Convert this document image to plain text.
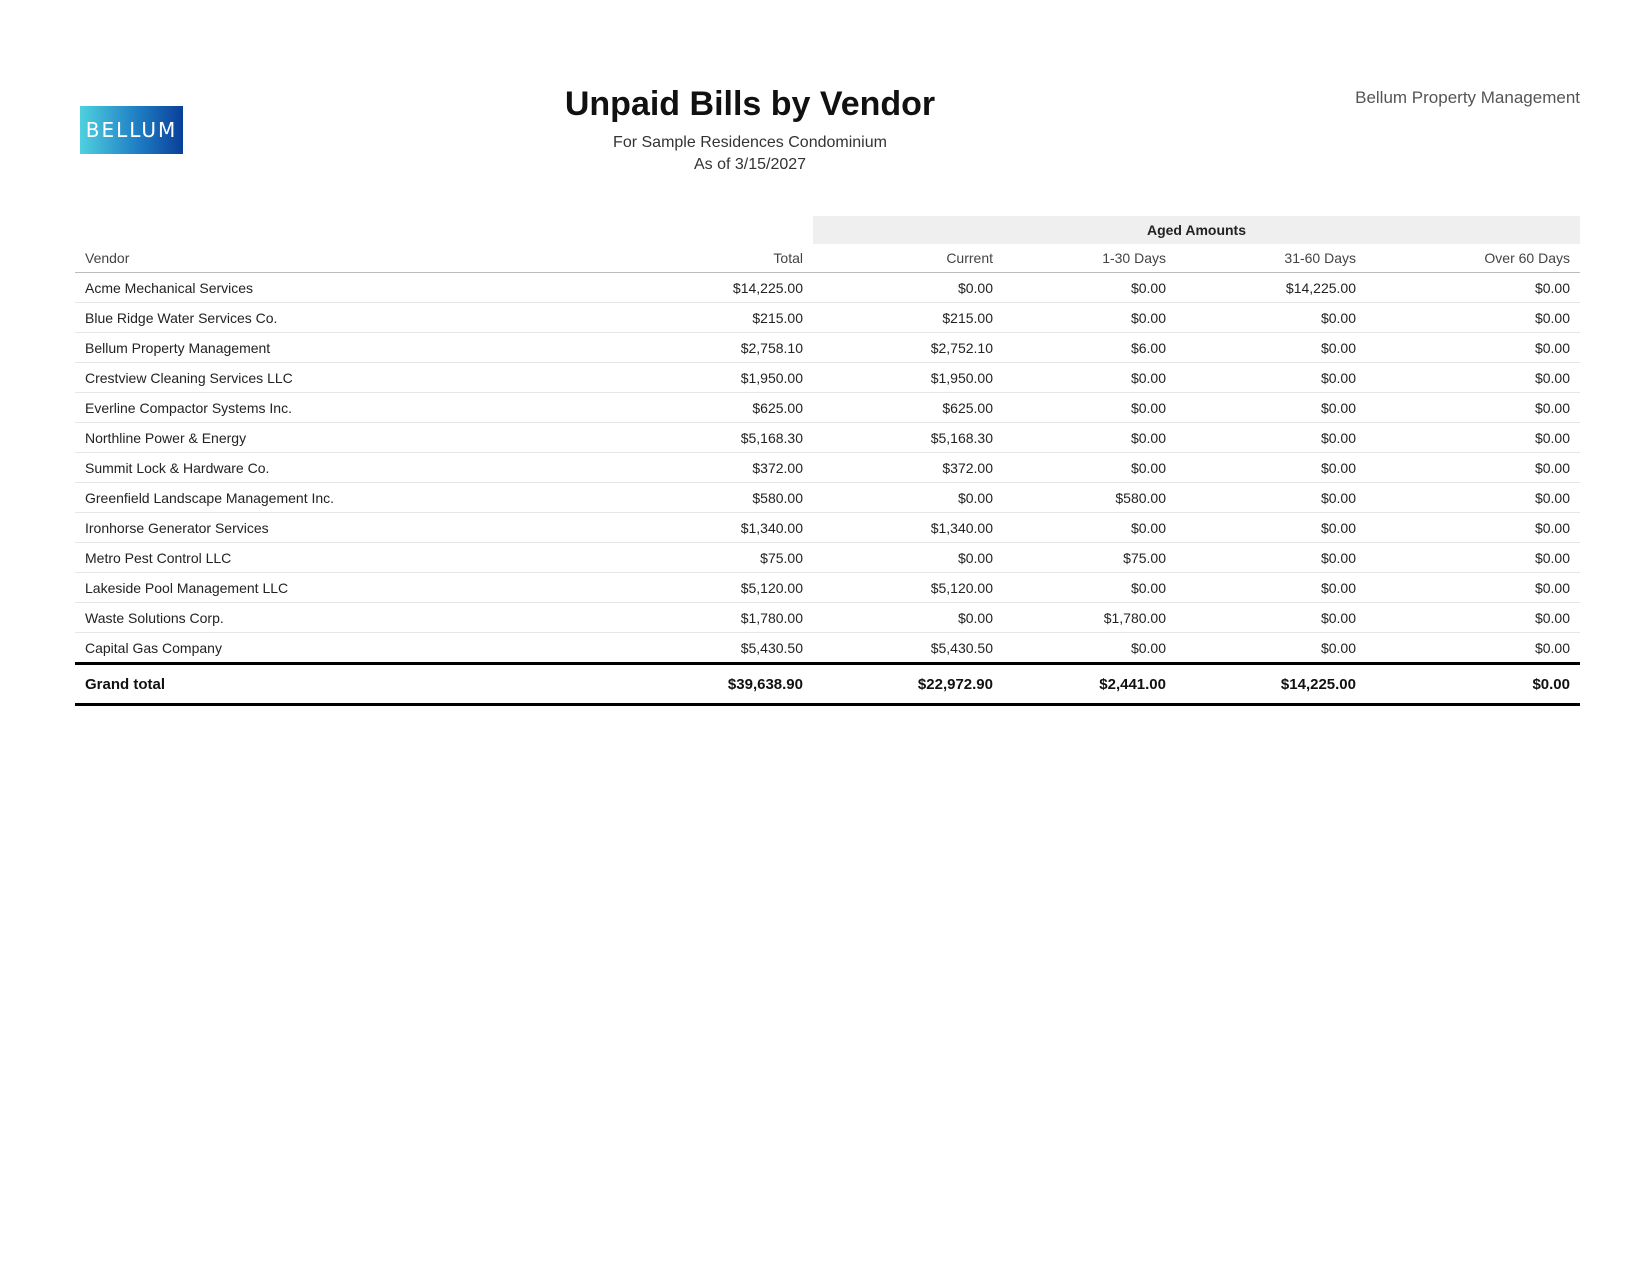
BELLUM
Unpaid Bills by Vendor
For Sample Residences Condominium
As of 3/15/2027
Bellum Property Management
		Aged Amounts			
Vendor	Total	Current	1-30 Days	31-60 Days	Over 60 Days
Acme Mechanical Services	$14,225.00	$0.00	$0.00	$14,225.00	$0.00
Blue Ridge Water Services Co.	$215.00	$215.00	$0.00	$0.00	$0.00
Bellum Property Management	$2,758.10	$2,752.10	$6.00	$0.00	$0.00
Crestview Cleaning Services LLC	$1,950.00	$1,950.00	$0.00	$0.00	$0.00
Everline Compactor Systems Inc.	$625.00	$625.00	$0.00	$0.00	$0.00
Northline Power & Energy	$5,168.30	$5,168.30	$0.00	$0.00	$0.00
Summit Lock & Hardware Co.	$372.00	$372.00	$0.00	$0.00	$0.00
Greenfield Landscape Management Inc.	$580.00	$0.00	$580.00	$0.00	$0.00
Ironhorse Generator Services	$1,340.00	$1,340.00	$0.00	$0.00	$0.00
Metro Pest Control LLC	$75.00	$0.00	$75.00	$0.00	$0.00
Lakeside Pool Management LLC	$5,120.00	$5,120.00	$0.00	$0.00	$0.00
Waste Solutions Corp.	$1,780.00	$0.00	$1,780.00	$0.00	$0.00
Capital Gas Company	$5,430.50	$5,430.50	$0.00	$0.00	$0.00
Grand total	$39,638.90	$22,972.90	$2,441.00	$14,225.00	$0.00
